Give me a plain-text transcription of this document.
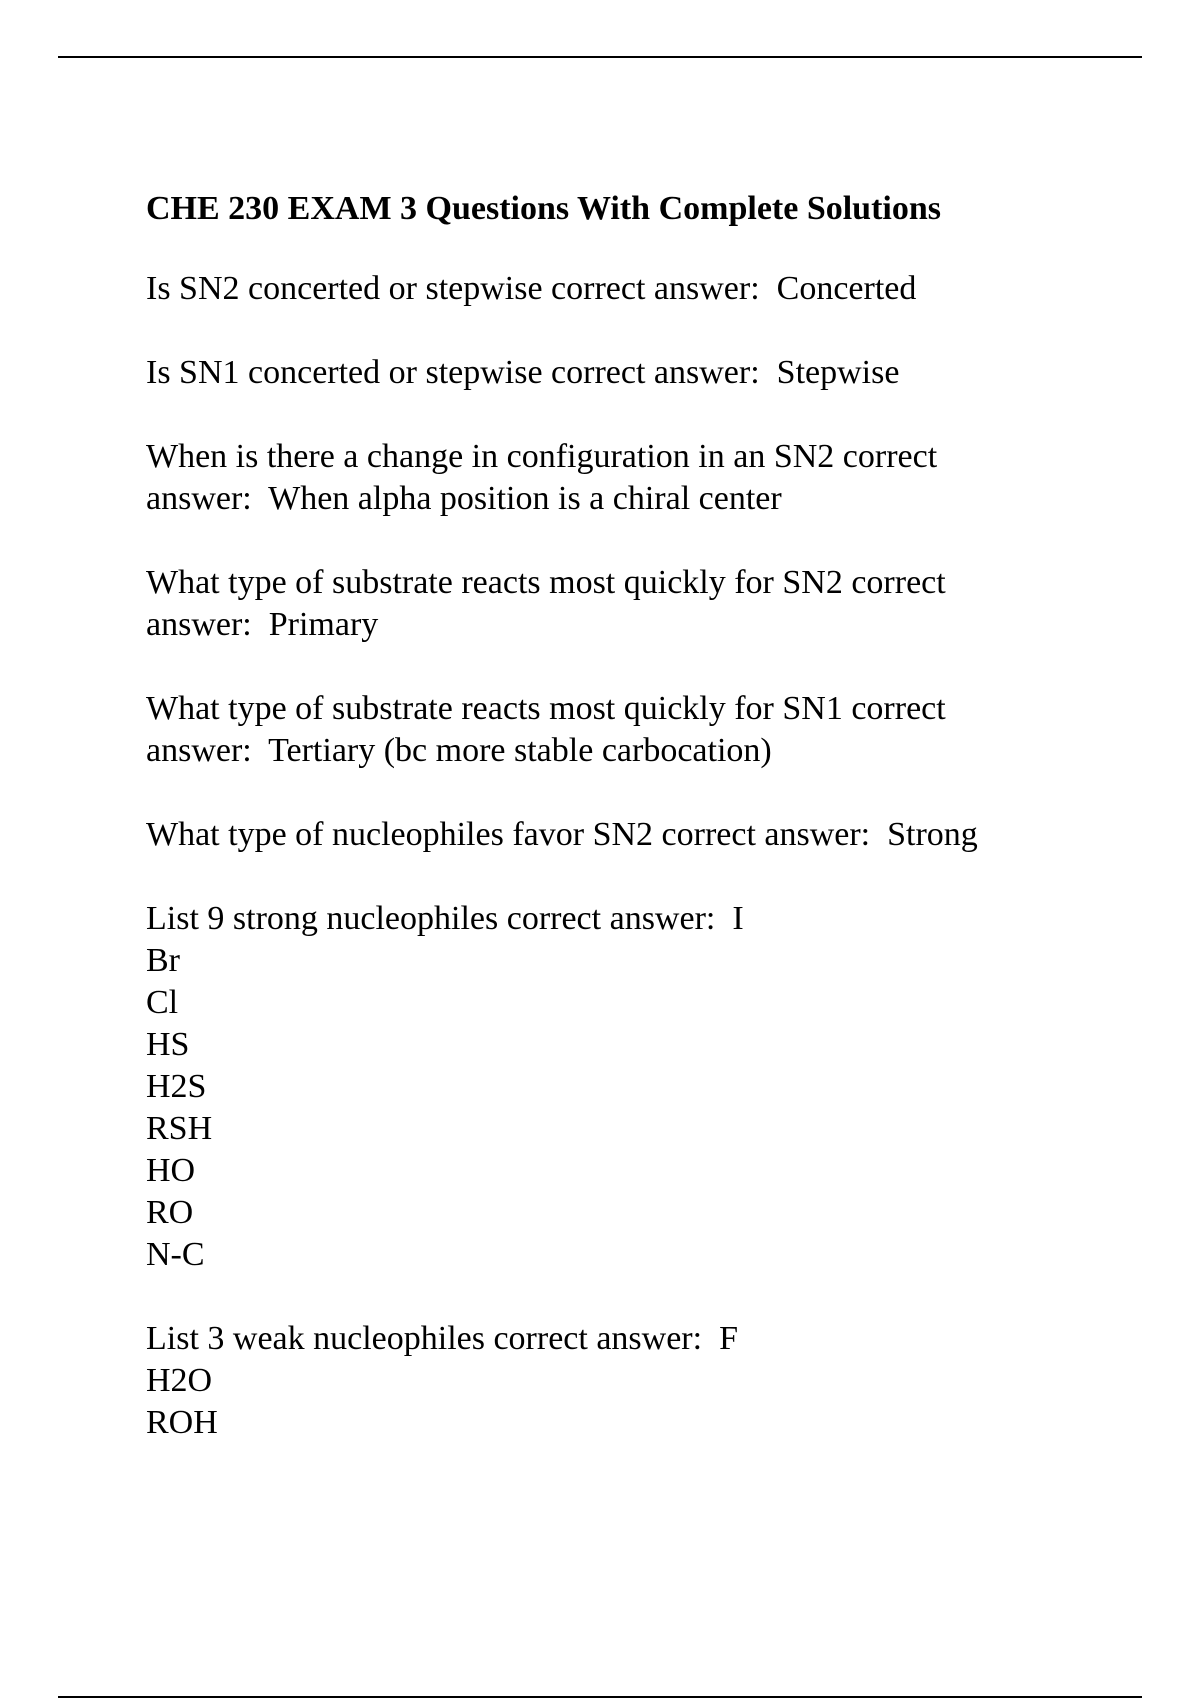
CHE 230 EXAM 3 Questions With Complete Solutions
Is SN2 concerted or stepwise correct answer:  Concerted
Is SN1 concerted or stepwise correct answer:  Stepwise
When is there a change in configuration in an SN2 correct
answer:  When alpha position is a chiral center
What type of substrate reacts most quickly for SN2 correct
answer:  Primary
What type of substrate reacts most quickly for SN1 correct
answer:  Tertiary (bc more stable carbocation)
What type of nucleophiles favor SN2 correct answer:  Strong
List 9 strong nucleophiles correct answer:  I
Br
Cl
HS
H2S
RSH
HO
RO
N-C
List 3 weak nucleophiles correct answer:  F
H2O
ROH
